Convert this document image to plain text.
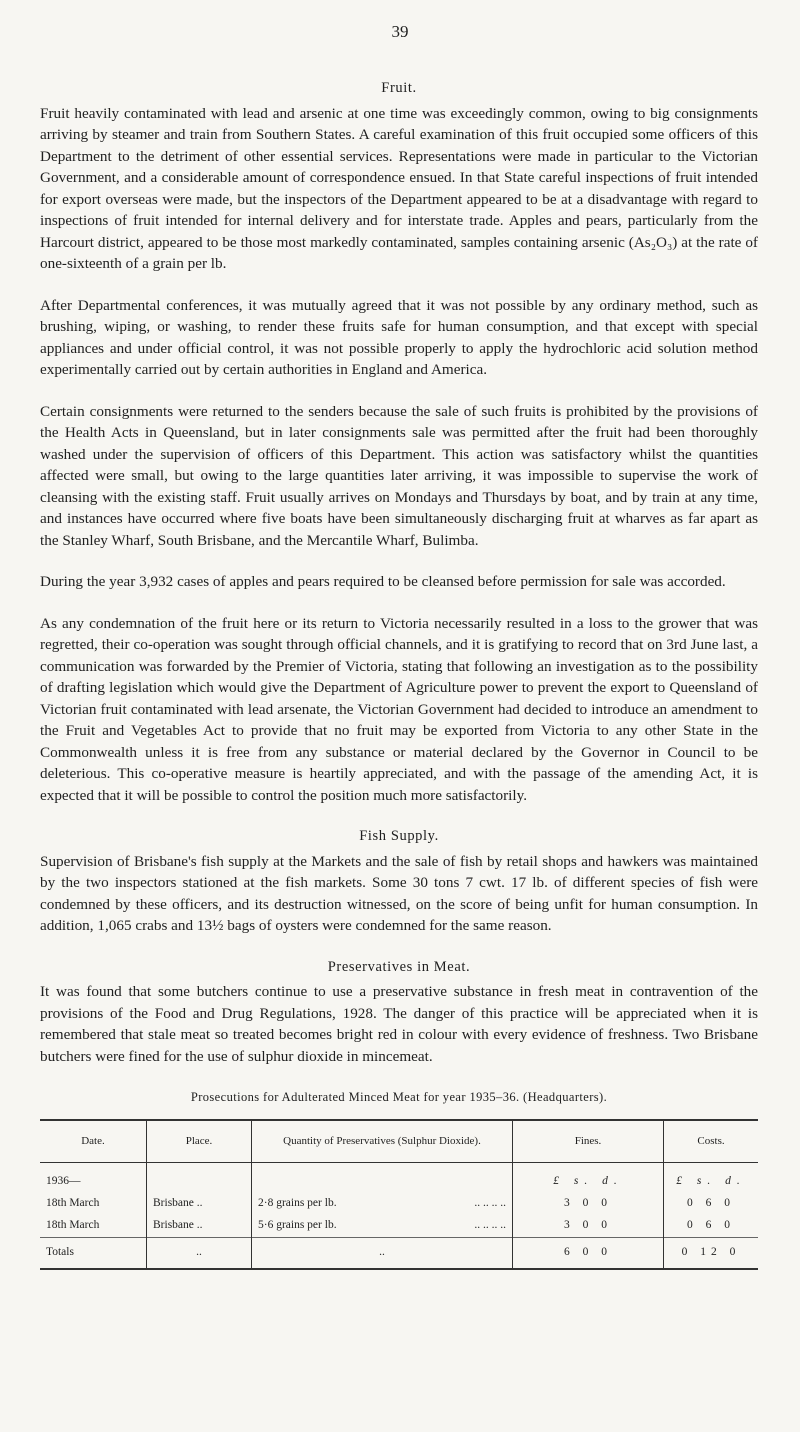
39
Fruit.

Fruit heavily contaminated with lead and arsenic at one time was exceedingly common, owing to big consignments arriving by steamer and train from Southern States. A careful examination of this fruit occupied some officers of this Department to the detriment of other essential services. Representations were made in particular to the Victorian Government, and a considerable amount of correspondence ensued. In that State careful inspections of fruit intended for export overseas were made, but the inspectors of the Department appeared to be at a disadvantage with regard to inspections of fruit intended for internal delivery and for interstate trade. Apples and pears, particularly from the Harcourt district, appeared to be those most markedly contaminated, samples containing arsenic (As₂O₃) at the rate of one-sixteenth of a grain per lb.

After Departmental conferences, it was mutually agreed that it was not possible by any ordinary method, such as brushing, wiping, or washing, to render these fruits safe for human consumption, and that except with special appliances and under official control, it was not possible properly to apply the hydrochloric acid solution method experimentally carried out by certain authorities in England and America.

Certain consignments were returned to the senders because the sale of such fruits is prohibited by the provisions of the Health Acts in Queensland, but in later consignments sale was permitted after the fruit had been thoroughly washed under the supervision of officers of this Department. This action was satisfactory whilst the quantities affected were small, but owing to the large quantities later arriving, it was impossible to supervise the work of cleansing with the existing staff. Fruit usually arrives on Mondays and Thursdays by boat, and by train at any time, and instances have occurred where five boats have been simultaneously discharging fruit at wharves as far apart as the Stanley Wharf, South Brisbane, and the Mercantile Wharf, Bulimba.

During the year 3,932 cases of apples and pears required to be cleansed before permission for sale was accorded.

As any condemnation of the fruit here or its return to Victoria necessarily resulted in a loss to the grower that was regretted, their co-operation was sought through official channels, and it is gratifying to record that on 3rd June last, a communication was forwarded by the Premier of Victoria, stating that following an investigation as to the possibility of drafting legislation which would give the Department of Agriculture power to prevent the export to Queensland of Victorian fruit contaminated with lead arsenate, the Victorian Government had decided to introduce an amendment to the Fruit and Vegetables Act to provide that no fruit may be exported from Victoria to any other State in the Commonwealth unless it is free from any substance or material declared by the Governor in Council to be deleterious. This co-operative measure is heartily appreciated, and with the passage of the amending Act, it is expected that it will be possible to control the position much more satisfactorily.

Fish Supply.

Supervision of Brisbane's fish supply at the Markets and the sale of fish by retail shops and hawkers was maintained by the two inspectors stationed at the fish markets. Some 30 tons 7 cwt. 17 lb. of different species of fish were condemned by these officers, and its destruction witnessed, on the score of being unfit for human consumption. In addition, 1,065 crabs and 13½ bags of oysters were condemned for the same reason.

Preservatives in Meat.

It was found that some butchers continue to use a preservative substance in fresh meat in contravention of the provisions of the Food and Drug Regulations, 1928. The danger of this practice will be appreciated when it is remembered that stale meat so treated becomes bright red in colour with every evidence of freshness. Two Brisbane butchers were fined for the use of sulphur dioxide in mincemeat.

Prosecutions for Adulterated Minced Meat for year 1935–36. (Headquarters).
Date.	Place.	Quantity of Preservatives (Sulphur Dioxide).	Fines.	Costs.
1936—			£ s. d.	£ s. d.
18th March	Brisbane ..	2·8 grains per lb. .. .. .. ..	3 0 0	0 6 0
18th March	Brisbane ..	5·6 grains per lb. .. .. .. ..	3 0 0	0 6 0
Totals	..	..	6 0 0	0 12 0
